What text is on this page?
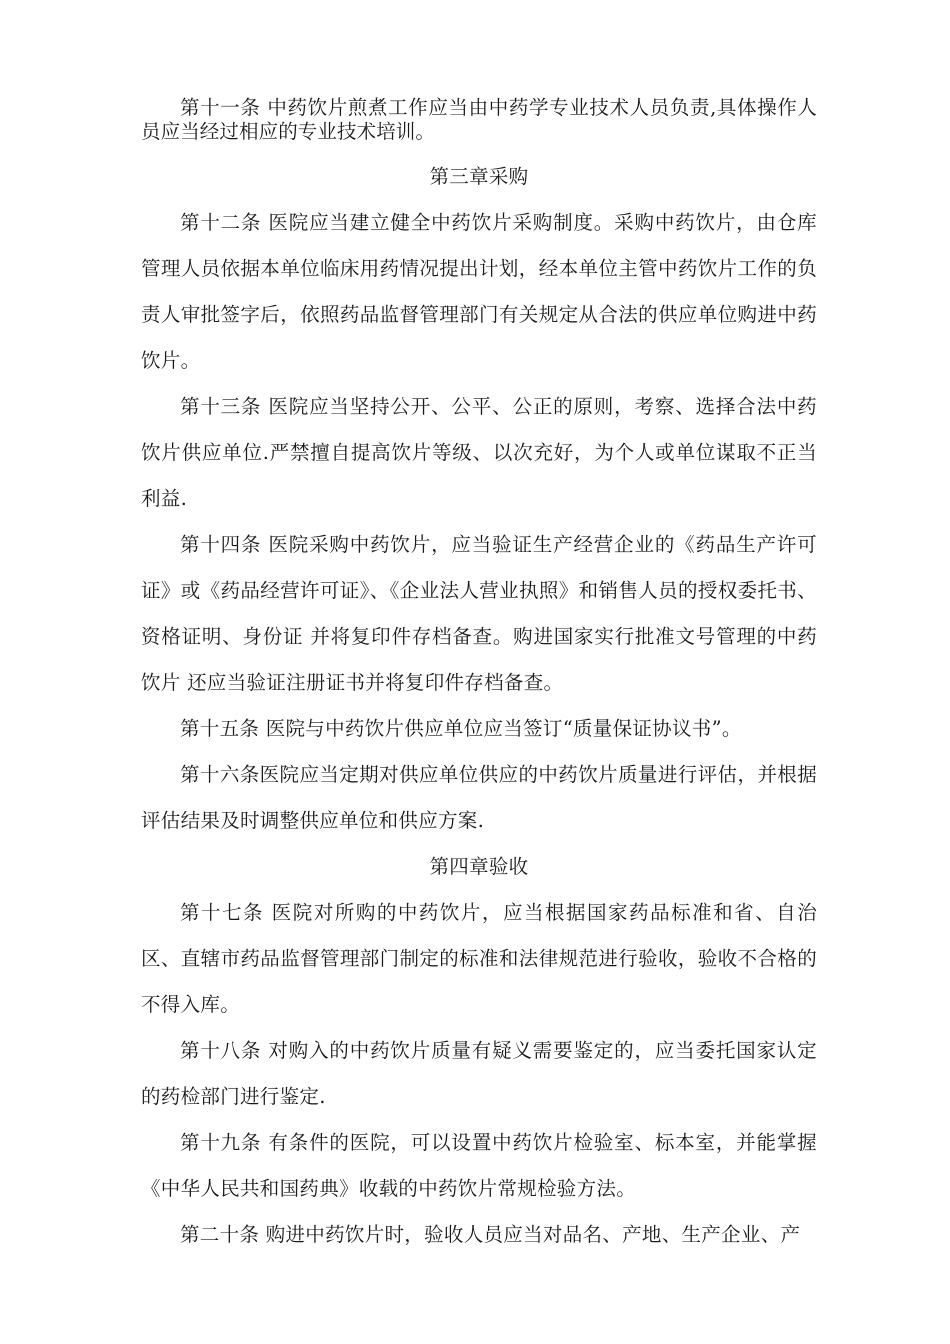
第十一条 中药饮片煎煮工作应当由中药学专业技术人员负责,具体操作人员应当经过相应的专业技术培训。

第三章采购

第十二条 医院应当建立健全中药饮片采购制度。采购中药饮片，由仓库管理人员依据本单位临床用药情况提出计划，经本单位主管中药饮片工作的负责人审批签字后，依照药品监督管理部门有关规定从合法的供应单位购进中药饮片。

第十三条 医院应当坚持公开、公平、公正的原则，考察、选择合法中药饮片供应单位.严禁擅自提高饮片等级、以次充好，为个人或单位谋取不正当利益.

第十四条 医院采购中药饮片，应当验证生产经营企业的《药品生产许可证》或《药品经营许可证》、《企业法人营业执照》和销售人员的授权委托书、资格证明、身份证 并将复印件存档备查。购进国家实行批准文号管理的中药饮片 还应当验证注册证书并将复印件存档备查。

第十五条 医院与中药饮片供应单位应当签订“质量保证协议书”。

第十六条医院应当定期对供应单位供应的中药饮片质量进行评估，并根据评估结果及时调整供应单位和供应方案.

第四章验收

第十七条 医院对所购的中药饮片，应当根据国家药品标准和省、自治区、直辖市药品监督管理部门制定的标准和法律规范进行验收，验收不合格的不得入库。

第十八条 对购入的中药饮片质量有疑义需要鉴定的，应当委托国家认定的药检部门进行鉴定.

第十九条 有条件的医院，可以设置中药饮片检验室、标本室，并能掌握《中华人民共和国药典》收载的中药饮片常规检验方法。

第二十条 购进中药饮片时，验收人员应当对品名、产地、生产企业、产
